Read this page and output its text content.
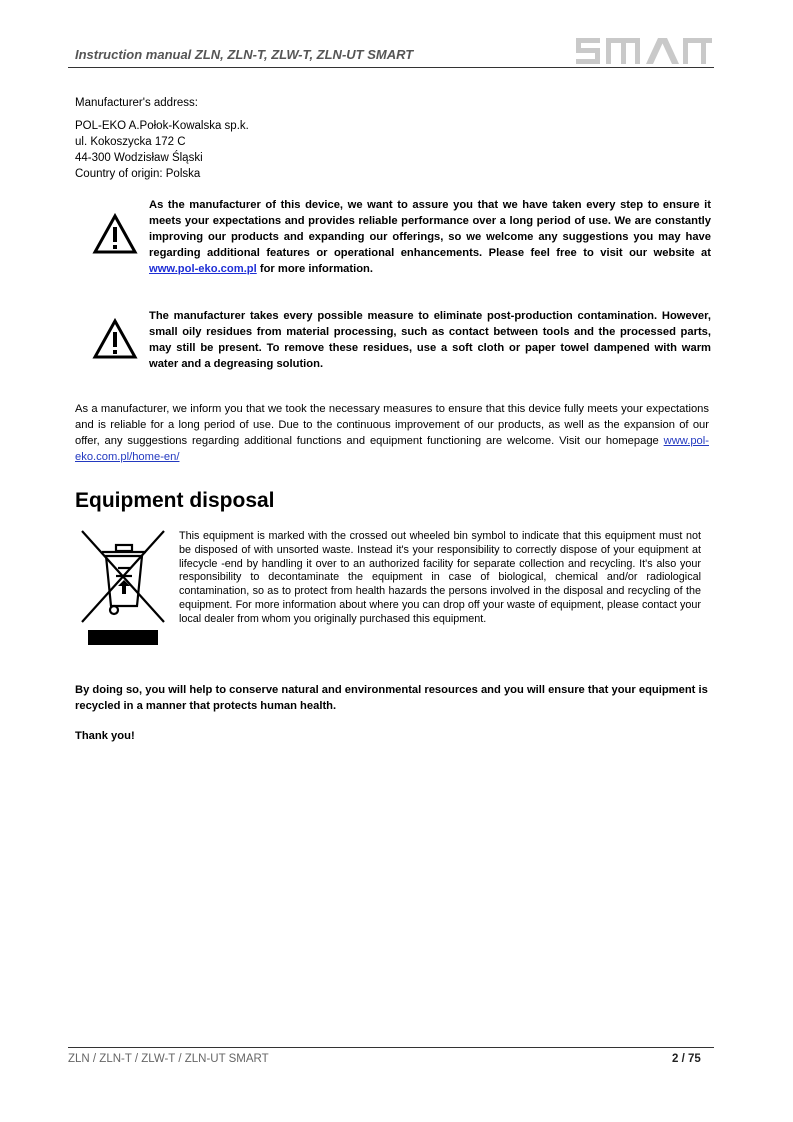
Instruction manual ZLN, ZLN-T, ZLW-T, ZLN-UT SMART
Manufacturer's address:
POL-EKO A.Połok-Kowalska sp.k.
ul. Kokoszycka 172 C
44-300 Wodzisław Śląski
Country of origin: Polska
As the manufacturer of this device, we want to assure you that we have taken every step to ensure it meets your expectations and provides reliable performance over a long period of use. We are constantly improving our products and expanding our offerings, so we welcome any suggestions you may have regarding additional features or operational enhancements. Please feel free to visit our website at www.pol-eko.com.pl for more information.
The manufacturer takes every possible measure to eliminate post-production contamination. However, small oily residues from material processing, such as contact between tools and the processed parts, may still be present. To remove these residues, use a soft cloth or paper towel dampened with warm water and a degreasing solution.
As a manufacturer, we inform you that we took the necessary measures to ensure that this device fully meets your expectations and is reliable for a long period of use. Due to the continuous improvement of our products, as well as the expansion of our offer, any suggestions regarding additional functions and equipment functioning are welcome. Visit our homepage www.pol-eko.com.pl/home-en/
Equipment disposal
This equipment is marked with the crossed out wheeled bin symbol to indicate that this equipment must not be disposed of with unsorted waste. Instead it's your responsibility to correctly dispose of your equipment at lifecycle -end by handling it over to an authorized facility for separate collection and recycling. It's also your responsibility to decontaminate the equipment in case of biological, chemical and/or radiological contamination, so as to protect from health hazards the persons involved in the disposal and recycling of the equipment. For more information about where you can drop off your waste of equipment, please contact your local dealer from whom you originally purchased this equipment.
By doing so, you will help to conserve natural and environmental resources and you will ensure that your equipment is recycled in a manner that protects human health.
Thank you!
ZLN / ZLN-T / ZLW-T / ZLN-UT SMART	2 / 75
